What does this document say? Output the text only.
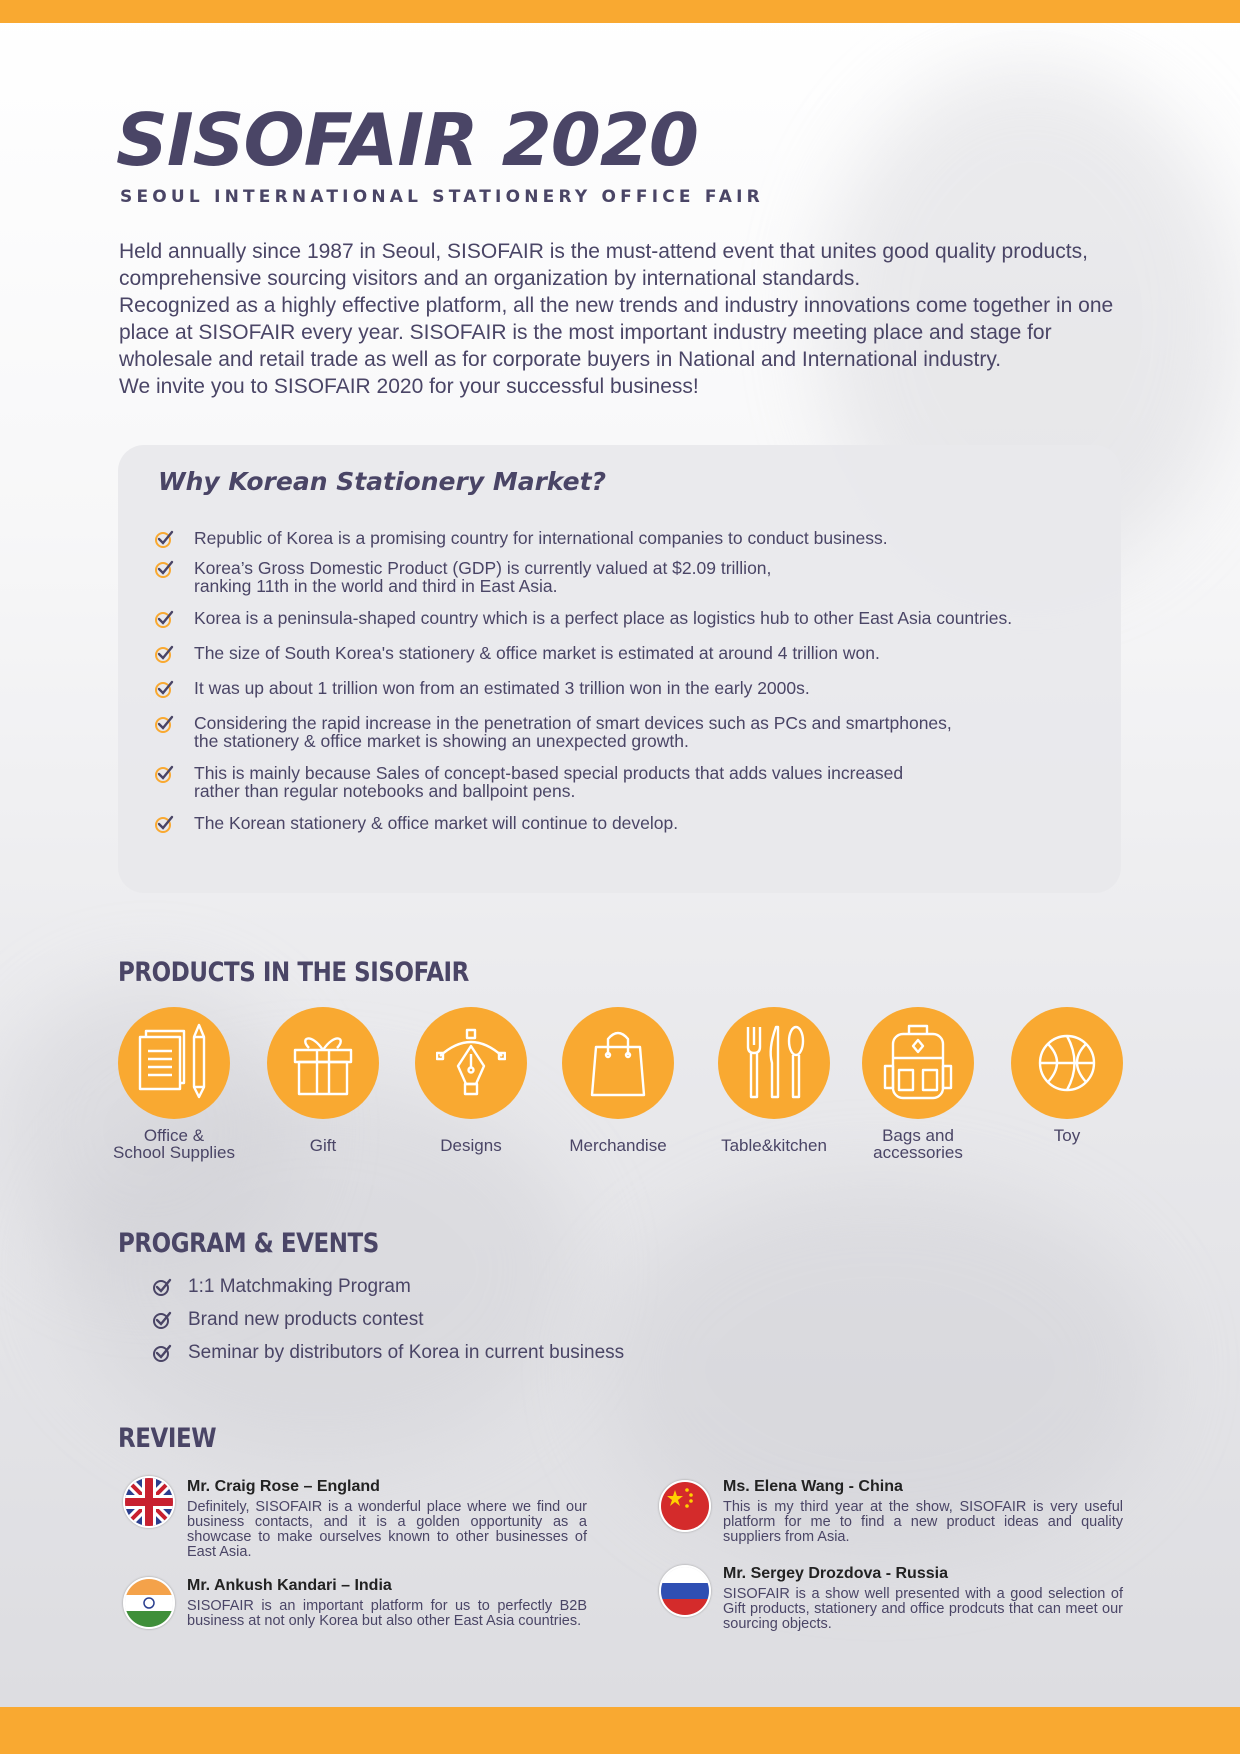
SISOFAIR 2020
SEOUL INTERNATIONAL STATIONERY OFFICE FAIR

Held annually since 1987 in Seoul, SISOFAIR is the must-attend event that unites good quality products, comprehensive sourcing visitors and an organization by international standards.

Recognized as a highly effective platform, all the new trends and industry innovations come together in one place at SISOFAIR every year. SISOFAIR is the most important industry meeting place and stage for wholesale and retail trade as well as for corporate buyers in National and International industry.

We invite you to SISOFAIR 2020 for your successful business!

Why Korean Stationery Market?
Republic of Korea is a promising country for international companies to conduct business.
Korea’s Gross Domestic Product (GDP) is currently valued at $2.09 trillion,
ranking 11th in the world and third in East Asia.
Korea is a peninsula-shaped country which is a perfect place as logistics hub to other East Asia countries.
The size of South Korea's stationery & office market is estimated at around 4 trillion won.
It was up about 1 trillion won from an estimated 3 trillion won in the early 2000s.
Considering the rapid increase in the penetration of smart devices such as PCs and smartphones,
the stationery & office market is showing an unexpected growth.
This is mainly because Sales of concept-based special products that adds values increased
rather than regular notebooks and ballpoint pens.
The Korean stationery & office market will continue to develop.
PRODUCTS IN THE SISOFAIR
Office &
School Supplies	Gift	Designs	Merchandise	Table&kitchen
Bags and
accessories
Toy
PROGRAM & EVENTS
1:1 Matchmaking Program
Brand new products contest
Seminar by distributors of Korea in current business
REVIEW

Mr. Craig Rose – England

Definitely, SISOFAIR is a wonderful place where we find our business contacts, and it is a golden opportunity as a showcase to make ourselves known to other businesses of East Asia.

Mr. Ankush Kandari – India

SISOFAIR is an important platform for us to perfectly B2B business at not only Korea but also other East Asia countries.

Ms. Elena Wang - China

This is my third year at the show, SISOFAIR is very useful platform for me to find a new product ideas and quality suppliers from Asia.

Mr. Sergey Drozdova - Russia

SISOFAIR is a show well presented with a good selection of Gift products, stationery and office prodcuts that can meet our sourcing objects.
